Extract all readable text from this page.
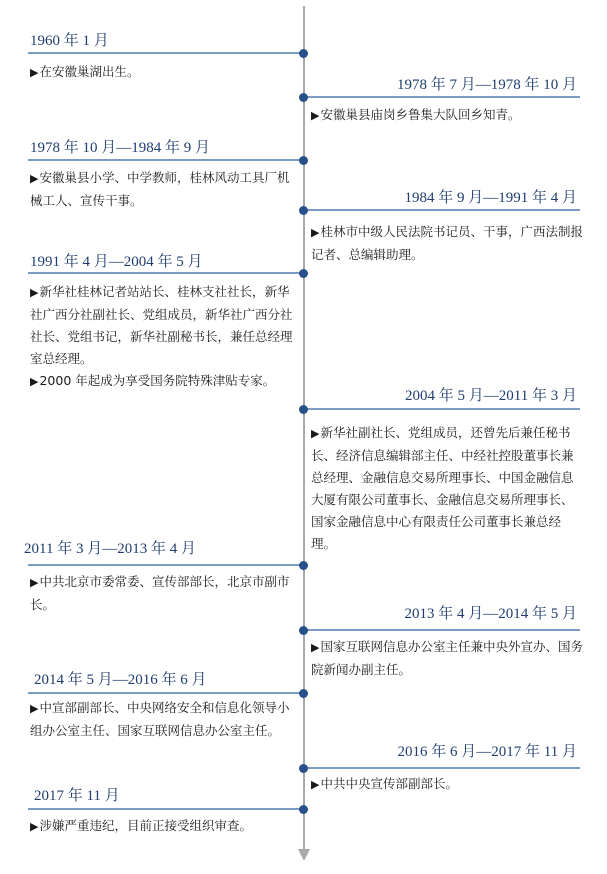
1960 年 1 月

▶ 在安徽巢湖出生。

1978 年 7 月—1978 年 10 月

▶ 安徽巢县庙岗乡鲁集大队回乡知青。

1978 年 10 月—1984 年 9 月

▶ 安徽巢县小学、中学教师，桂林风动工具厂机械工人、宣传干事。	1984 年 9 月—1991 年 4 月

▶ 桂林市中级人民法院书记员、干事，广西法制报记者、总编辑助理。

1991 年 4 月—2004 年 5 月

▶ 新华社桂林记者站站长、桂林支社社长，新华社广西分社副社长、党组成员，新华社广西分社社长、党组书记，新华社副秘书长，兼任总经理室总经理。

▶ 2000 年起成为享受国务院特殊津贴专家。

2004 年 5 月—2011 年 3 月

▶ 新华社副社长、党组成员，还曾先后兼任秘书长、经济信息编辑部主任、中经社控股董事长兼总经理、金融信息交易所理事长、中国金融信息大厦有限公司董事长、金融信息交易所理事长、国家金融信息中心有限责任公司董事长兼总经理。

2011 年 3 月—2013 年 4 月

▶ 中共北京市委常委、宣传部部长，北京市副市长。

2013 年 4 月—2014 年 5 月

▶ 国家互联网信息办公室主任兼中央外宣办、国务院新闻办副主任。

2014 年 5 月—2016 年 6 月

▶ 中宣部副部长、中央网络安全和信息化领导小组办公室主任、国家互联网信息办公室主任。

2016 年 6 月—2017 年 11 月

▶ 中共中央宣传部副部长。

2017 年 11 月

▶ 涉嫌严重违纪，目前正接受组织审查。
